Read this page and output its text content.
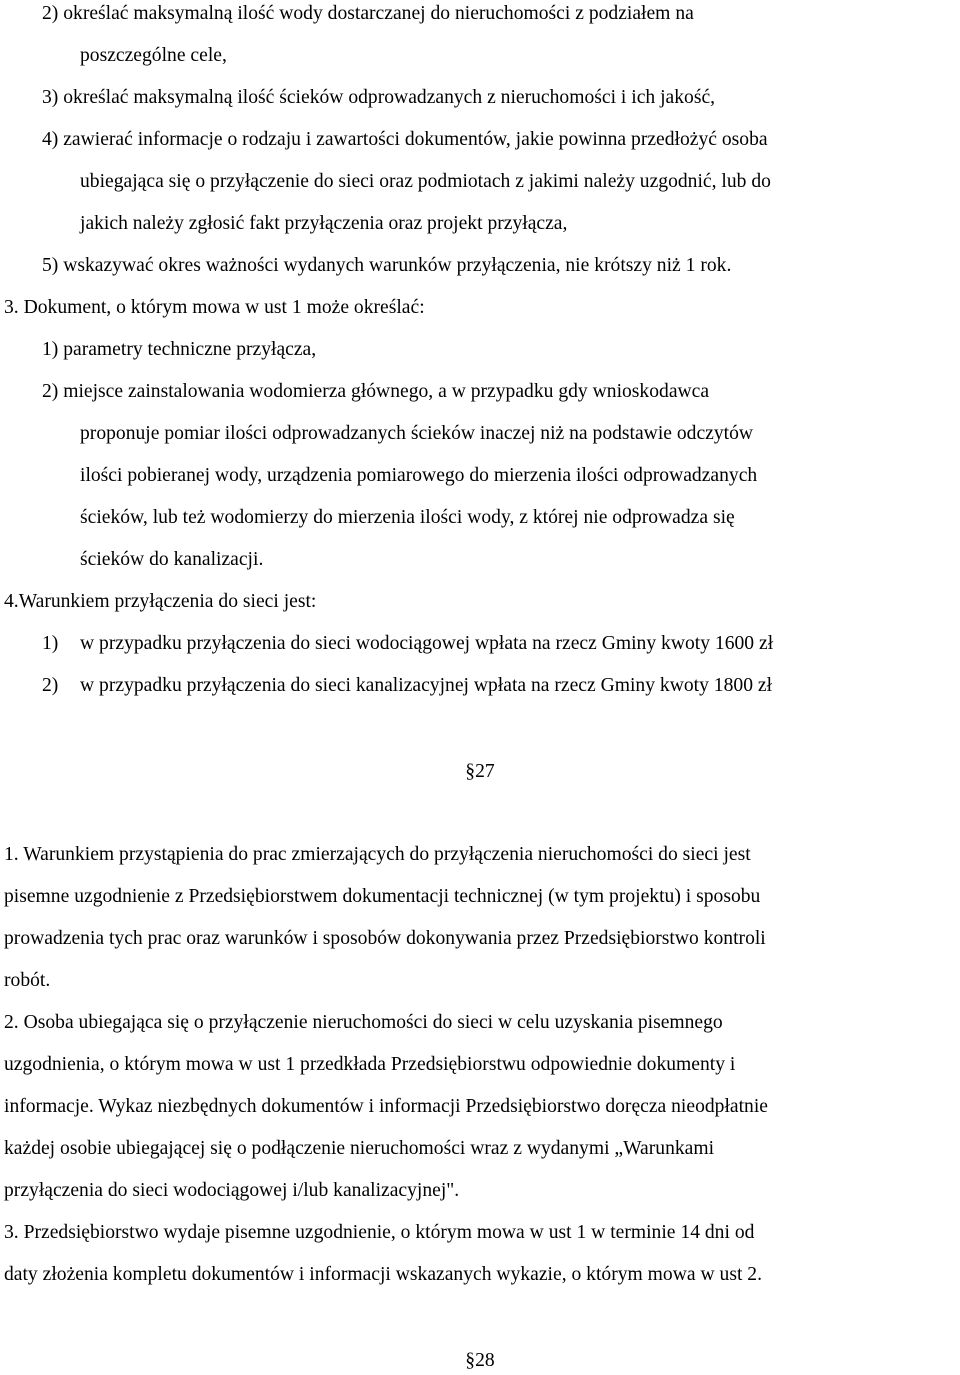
2) określać maksymalną ilość wody dostarczanej do nieruchomości z podziałem na
poszczególne cele,
3) określać maksymalną ilość ścieków odprowadzanych z nieruchomości i ich jakość,
4) zawierać informacje o rodzaju i zawartości dokumentów, jakie powinna przedłożyć osoba
ubiegająca się o przyłączenie do sieci oraz podmiotach z jakimi należy uzgodnić, lub do
jakich należy zgłosić fakt przyłączenia oraz projekt przyłącza,
5) wskazywać okres ważności wydanych warunków przyłączenia, nie krótszy niż 1 rok.
3. Dokument, o którym mowa w ust 1 może określać:
1) parametry techniczne przyłącza,
2) miejsce zainstalowania wodomierza głównego, a w przypadku gdy wnioskodawca
proponuje pomiar ilości odprowadzanych ścieków inaczej niż na podstawie odczytów
ilości pobieranej wody, urządzenia pomiarowego do mierzenia ilości odprowadzanych
ścieków, lub też wodomierzy do mierzenia ilości wody, z której nie odprowadza się
ścieków do kanalizacji.
4.Warunkiem przyłączenia do sieci jest:
1) w przypadku przyłączenia do sieci wodociągowej wpłata na rzecz Gminy kwoty 1600 zł
2) w przypadku przyłączenia do sieci kanalizacyjnej wpłata na rzecz Gminy kwoty 1800 zł
§27
1. Warunkiem przystąpienia do prac zmierzających do przyłączenia nieruchomości do sieci jest
pisemne uzgodnienie z Przedsiębiorstwem dokumentacji technicznej (w tym projektu) i sposobu
prowadzenia tych prac oraz warunków i sposobów dokonywania przez Przedsiębiorstwo kontroli
robót.
2. Osoba ubiegająca się o przyłączenie nieruchomości do sieci w celu uzyskania pisemnego
uzgodnienia, o którym mowa w ust 1 przedkłada Przedsiębiorstwu odpowiednie dokumenty i
informacje. Wykaz niezbędnych dokumentów i informacji Przedsiębiorstwo doręcza nieodpłatnie
każdej osobie ubiegającej się o podłączenie nieruchomości wraz z wydanymi „Warunkami
przyłączenia do sieci wodociągowej i/lub kanalizacyjnej".
3. Przedsiębiorstwo wydaje pisemne uzgodnienie, o którym mowa w ust 1 w terminie 14 dni od
daty złożenia kompletu dokumentów i informacji wskazanych wykazie, o którym mowa w ust 2.
§28
